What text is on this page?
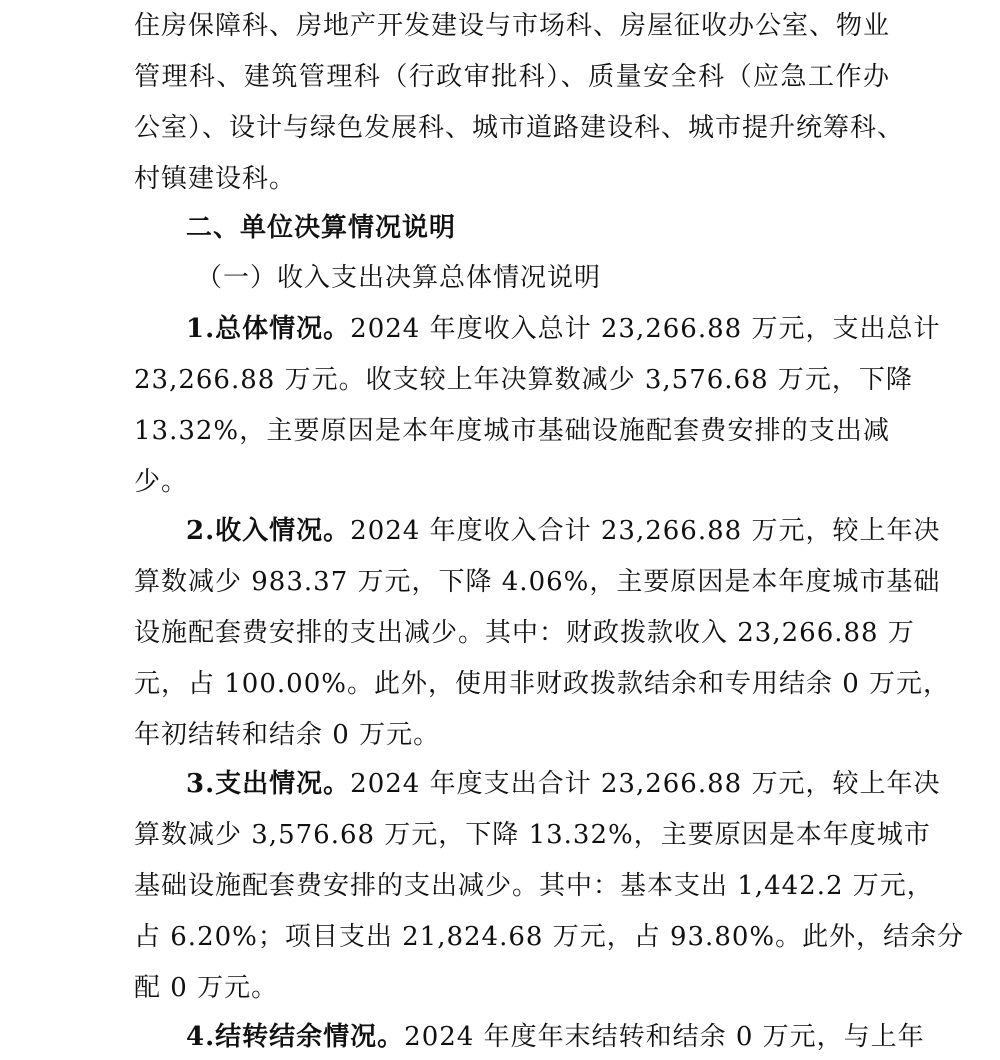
住房保障科、房地产开发建设与市场科、房屋征收办公室、物业
管理科、建筑管理科（行政审批科）、质量安全科（应急工作办
公室）、设计与绿色发展科、城市道路建设科、城市提升统筹科、
村镇建设科。
二、单位决算情况说明
（一）收入支出决算总体情况说明
1.总体情况。2024 年度收入总计 23,266.88 万元，支出总计
23,266.88 万元。收支较上年决算数减少 3,576.68 万元，下降
13.32%，主要原因是本年度城市基础设施配套费安排的支出减
少。
2.收入情况。2024 年度收入合计 23,266.88 万元，较上年决
算数减少 983.37 万元，下降 4.06%，主要原因是本年度城市基础
设施配套费安排的支出减少。其中：财政拨款收入 23,266.88 万
元，占 100.00%。此外，使用非财政拨款结余和专用结余 0 万元，
年初结转和结余 0 万元。
3.支出情况。2024 年度支出合计 23,266.88 万元，较上年决
算数减少 3,576.68 万元，下降 13.32%，主要原因是本年度城市
基础设施配套费安排的支出减少。其中：基本支出 1,442.2 万元，
占 6.20%；项目支出 21,824.68 万元，占 93.80%。此外，结余分
配 0 万元。
4.结转结余情况。2024 年度年末结转和结余 0 万元，与上年
